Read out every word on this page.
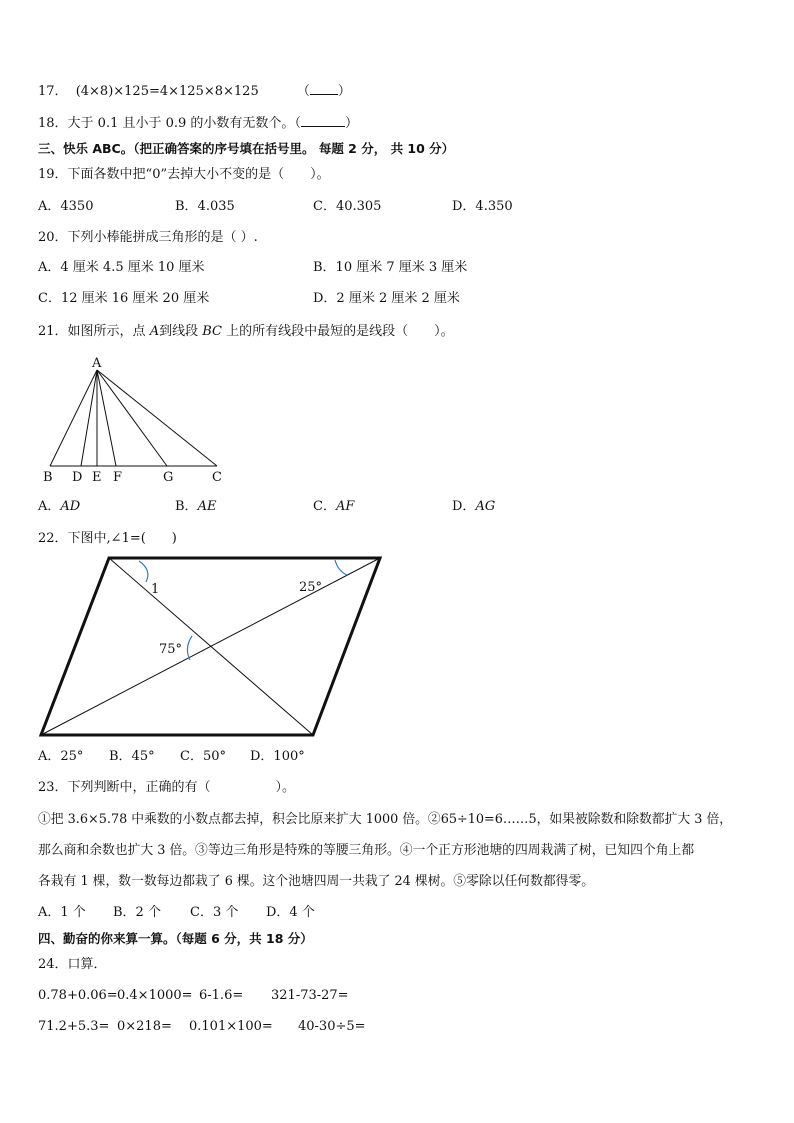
17． (4×8)×125=4×125×8×125	（ ）
18．大于 0.1 且小于 0.9 的小数有无数个。（	）
三、快乐 ABC。（把正确答案的序号填在括号里。 每题 2 分， 共 10 分）
19．下面各数中把“0”去掉大小不变的是（　　）。
A．4350	B．4.035	C．40.305	D．4.350
20．下列小棒能拼成三角形的是（ ）.
A．4 厘米 4.5 厘米 10 厘米	B．10 厘米 7 厘米 3 厘米
C．12 厘米 16 厘米 20 厘米	D．2 厘米 2 厘米 2 厘米
21．如图所示，点 A到线段 BC 上的所有线段中最短的是线段（　　）。
A
B D E F	G	C
A．AD	B．AE	C．AF	D．AG
22．下图中,∠1=(　　)
1	25°
75°
A．25° B．45° C．50° D．100°
23．下列判断中，正确的有（　　　　　）。
①把 3.6×5.78 中乘数的小数点都去掉，积会比原来扩大 1000 倍。②65÷10=6……5，如果被除数和除数都扩大 3 倍，
那么商和余数也扩大 3 倍。③等边三角形是特殊的等腰三角形。④一个正方形池塘的四周栽满了树，已知四个角上都
各栽有 1 棵，数一数每边都栽了 6 棵。这个池塘四周一共栽了 24 棵树。⑤零除以任何数都得零。
A．1 个 B．2 个 C．3 个 D．4 个
四、勤奋的你来算一算。（每题 6 分，共 18 分）
24．口算．
0.78+0.06= 0.4×1000= 6-1.6= 321-73-27=
71.2+5.3= 0×218= 0.101×100= 40-30÷5=
